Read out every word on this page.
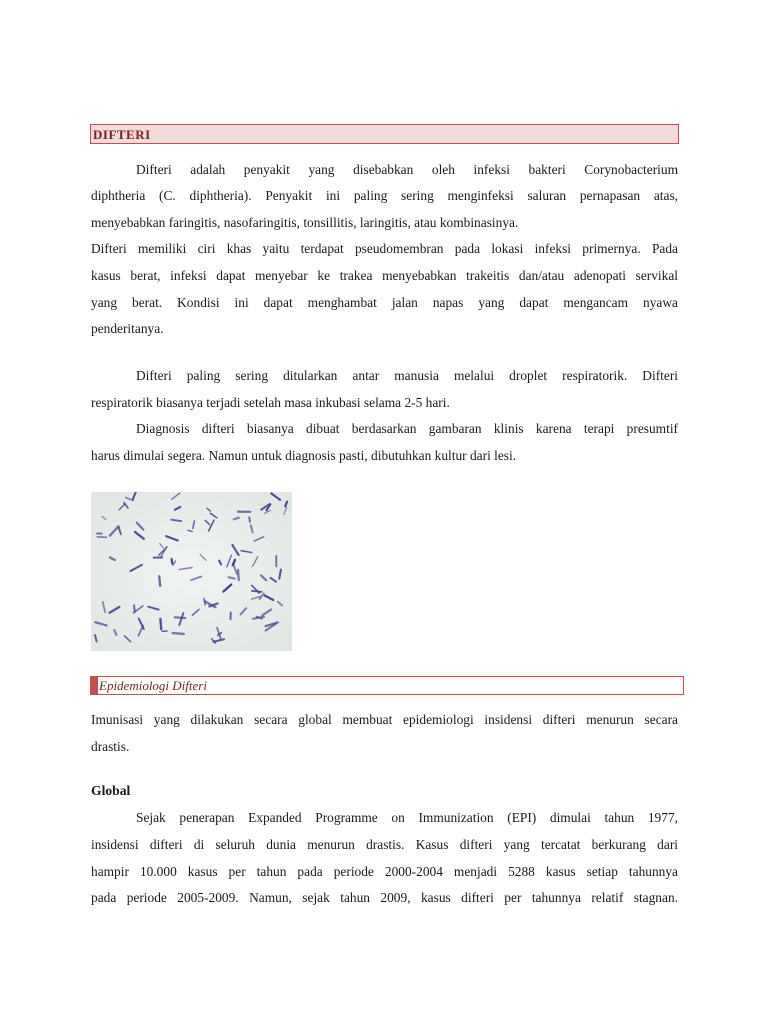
DIFTERI
Difteri adalah penyakit yang disebabkan oleh infeksi bakteri Corynobacterium
diphtheria (C. diphtheria). Penyakit ini paling sering menginfeksi saluran pernapasan atas,
menyebabkan faringitis, nasofaringitis, tonsillitis, laringitis, atau kombinasinya.
Difteri memiliki ciri khas yaitu terdapat pseudomembran pada lokasi infeksi primernya. Pada
kasus berat, infeksi dapat menyebar ke trakea menyebabkan trakeitis dan/atau adenopati servikal
yang berat. Kondisi ini dapat menghambat jalan napas yang dapat mengancam nyawa
penderitanya.
Difteri paling sering ditularkan antar manusia melalui droplet respiratorik. Difteri
respiratorik biasanya terjadi setelah masa inkubasi selama 2-5 hari.
Diagnosis difteri biasanya dibuat berdasarkan gambaran klinis karena terapi presumtif
harus dimulai segera. Namun untuk diagnosis pasti, dibutuhkan kultur dari lesi.
Epidemiologi Difteri
Imunisasi yang dilakukan secara global membuat epidemiologi insidensi difteri menurun secara
drastis.
Global
Sejak penerapan Expanded Programme on Immunization (EPI) dimulai tahun 1977,
insidensi difteri di seluruh dunia menurun drastis. Kasus difteri yang tercatat berkurang dari
hampir 10.000 kasus per tahun pada periode 2000-2004 menjadi 5288 kasus setiap tahunnya
pada periode 2005-2009. Namun, sejak tahun 2009, kasus difteri per tahunnya relatif stagnan.
